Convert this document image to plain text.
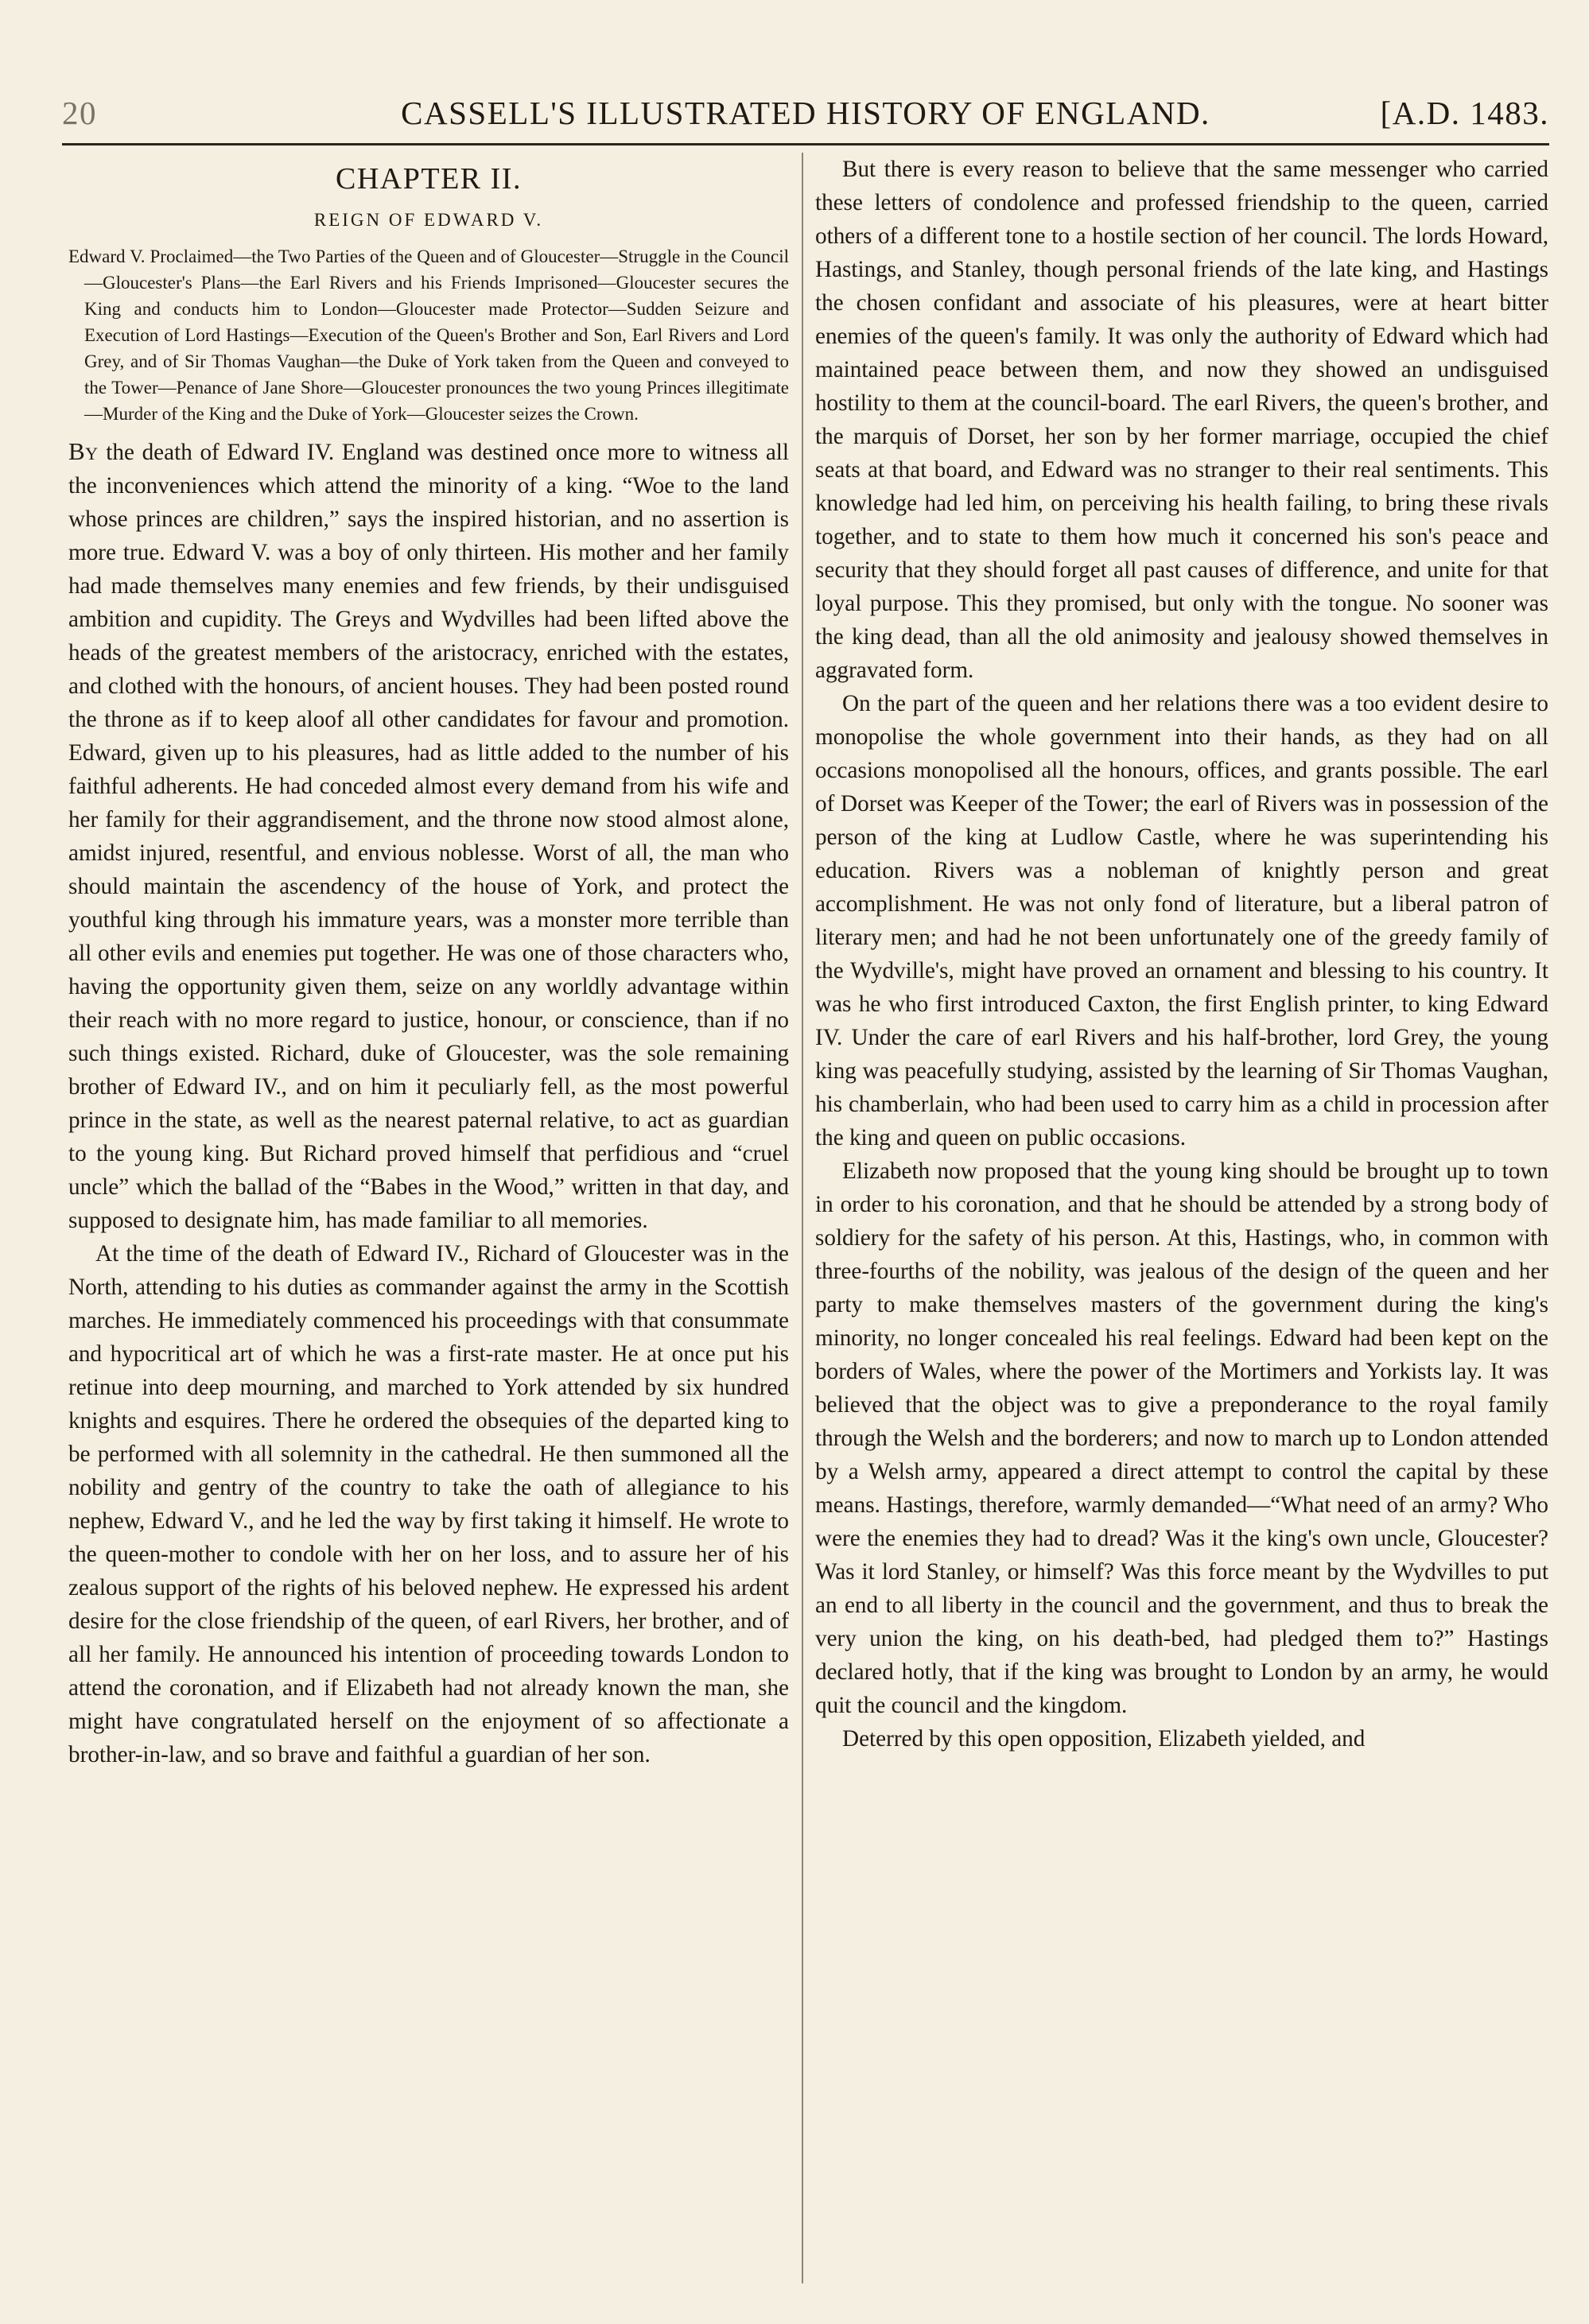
20	CASSELL'S ILLUSTRATED HISTORY OF ENGLAND.	[A.D. 1483.
CHAPTER II.
REIGN OF EDWARD V.
Edward V. Proclaimed—the Two Parties of the Queen and of Gloucester—Struggle in the Council—Gloucester's Plans—the Earl Rivers and his Friends Imprisoned—Gloucester secures the King and conducts him to London—Gloucester made Protector—Sudden Seizure and Execution of Lord Hastings—Execution of the Queen's Brother and Son, Earl Rivers and Lord Grey, and of Sir Thomas Vaughan—the Duke of York taken from the Queen and conveyed to the Tower—Penance of Jane Shore—Gloucester pronounces the two young Princes illegitimate—Murder of the King and the Duke of York—Gloucester seizes the Crown.

By the death of Edward IV. England was destined once more to witness all the inconveniences which attend the minority of a king. “Woe to the land whose princes are children,” says the inspired historian, and no assertion is more true. Edward V. was a boy of only thirteen. His mother and her family had made themselves many enemies and few friends, by their undisguised ambition and cupidity. The Greys and Wydvilles had been lifted above the heads of the greatest members of the aristocracy, enriched with the estates, and clothed with the honours, of ancient houses. They had been posted round the throne as if to keep aloof all other candidates for favour and promotion. Edward, given up to his pleasures, had as little added to the number of his faithful adherents. He had conceded almost every demand from his wife and her family for their aggrandisement, and the throne now stood almost alone, amidst injured, resentful, and envious noblesse. Worst of all, the man who should maintain the ascendency of the house of York, and protect the youthful king through his immature years, was a monster more terrible than all other evils and enemies put together. He was one of those characters who, having the opportunity given them, seize on any worldly advantage within their reach with no more regard to justice, honour, or conscience, than if no such things existed. Richard, duke of Gloucester, was the sole remaining brother of Edward IV., and on him it peculiarly fell, as the most powerful prince in the state, as well as the nearest paternal relative, to act as guardian to the young king. But Richard proved himself that perfidious and “cruel uncle” which the ballad of the “Babes in the Wood,” written in that day, and supposed to designate him, has made familiar to all memories.

At the time of the death of Edward IV., Richard of Gloucester was in the North, attending to his duties as commander against the army in the Scottish marches. He immediately commenced his proceedings with that consummate and hypocritical art of which he was a first-rate master. He at once put his retinue into deep mourning, and marched to York attended by six hundred knights and esquires. There he ordered the obsequies of the departed king to be performed with all solemnity in the cathedral. He then summoned all the nobility and gentry of the country to take the oath of allegiance to his nephew, Edward V., and he led the way by first taking it himself. He wrote to the queen-mother to condole with her on her loss, and to assure her of his zealous support of the rights of his beloved nephew. He expressed his ardent desire for the close friendship of the queen, of earl Rivers, her brother, and of all her family. He announced his intention of proceeding towards London to attend the coronation, and if Elizabeth had not already known the man, she might have congratulated herself on the enjoyment of so affectionate a brother-in-law, and so brave and faithful a guardian of her son.

But there is every reason to believe that the same messenger who carried these letters of condolence and professed friendship to the queen, carried others of a different tone to a hostile section of her council. The lords Howard, Hastings, and Stanley, though personal friends of the late king, and Hastings the chosen confidant and associate of his pleasures, were at heart bitter enemies of the queen's family. It was only the authority of Edward which had maintained peace between them, and now they showed an undisguised hostility to them at the council-board. The earl Rivers, the queen's brother, and the marquis of Dorset, her son by her former marriage, occupied the chief seats at that board, and Edward was no stranger to their real sentiments. This knowledge had led him, on perceiving his health failing, to bring these rivals together, and to state to them how much it concerned his son's peace and security that they should forget all past causes of difference, and unite for that loyal purpose. This they promised, but only with the tongue. No sooner was the king dead, than all the old animosity and jealousy showed themselves in aggravated form.

On the part of the queen and her relations there was a too evident desire to monopolise the whole government into their hands, as they had on all occasions monopolised all the honours, offices, and grants possible. The earl of Dorset was Keeper of the Tower; the earl of Rivers was in possession of the person of the king at Ludlow Castle, where he was superintending his education. Rivers was a nobleman of knightly person and great accomplishment. He was not only fond of literature, but a liberal patron of literary men; and had he not been unfortunately one of the greedy family of the Wydville's, might have proved an ornament and blessing to his country. It was he who first introduced Caxton, the first English printer, to king Edward IV. Under the care of earl Rivers and his half-brother, lord Grey, the young king was peacefully studying, assisted by the learning of Sir Thomas Vaughan, his chamberlain, who had been used to carry him as a child in procession after the king and queen on public occasions.

Elizabeth now proposed that the young king should be brought up to town in order to his coronation, and that he should be attended by a strong body of soldiery for the safety of his person. At this, Hastings, who, in common with three-fourths of the nobility, was jealous of the design of the queen and her party to make themselves masters of the government during the king's minority, no longer concealed his real feelings. Edward had been kept on the borders of Wales, where the power of the Mortimers and Yorkists lay. It was believed that the object was to give a preponderance to the royal family through the Welsh and the borderers; and now to march up to London attended by a Welsh army, appeared a direct attempt to control the capital by these means. Hastings, therefore, warmly demanded—“What need of an army? Who were the enemies they had to dread? Was it the king's own uncle, Gloucester? Was it lord Stanley, or himself? Was this force meant by the Wydvilles to put an end to all liberty in the council and the government, and thus to break the very union the king, on his death-bed, had pledged them to?” Hastings declared hotly, that if the king was brought to London by an army, he would quit the council and the kingdom.

Deterred by this open opposition, Elizabeth yielded, and
